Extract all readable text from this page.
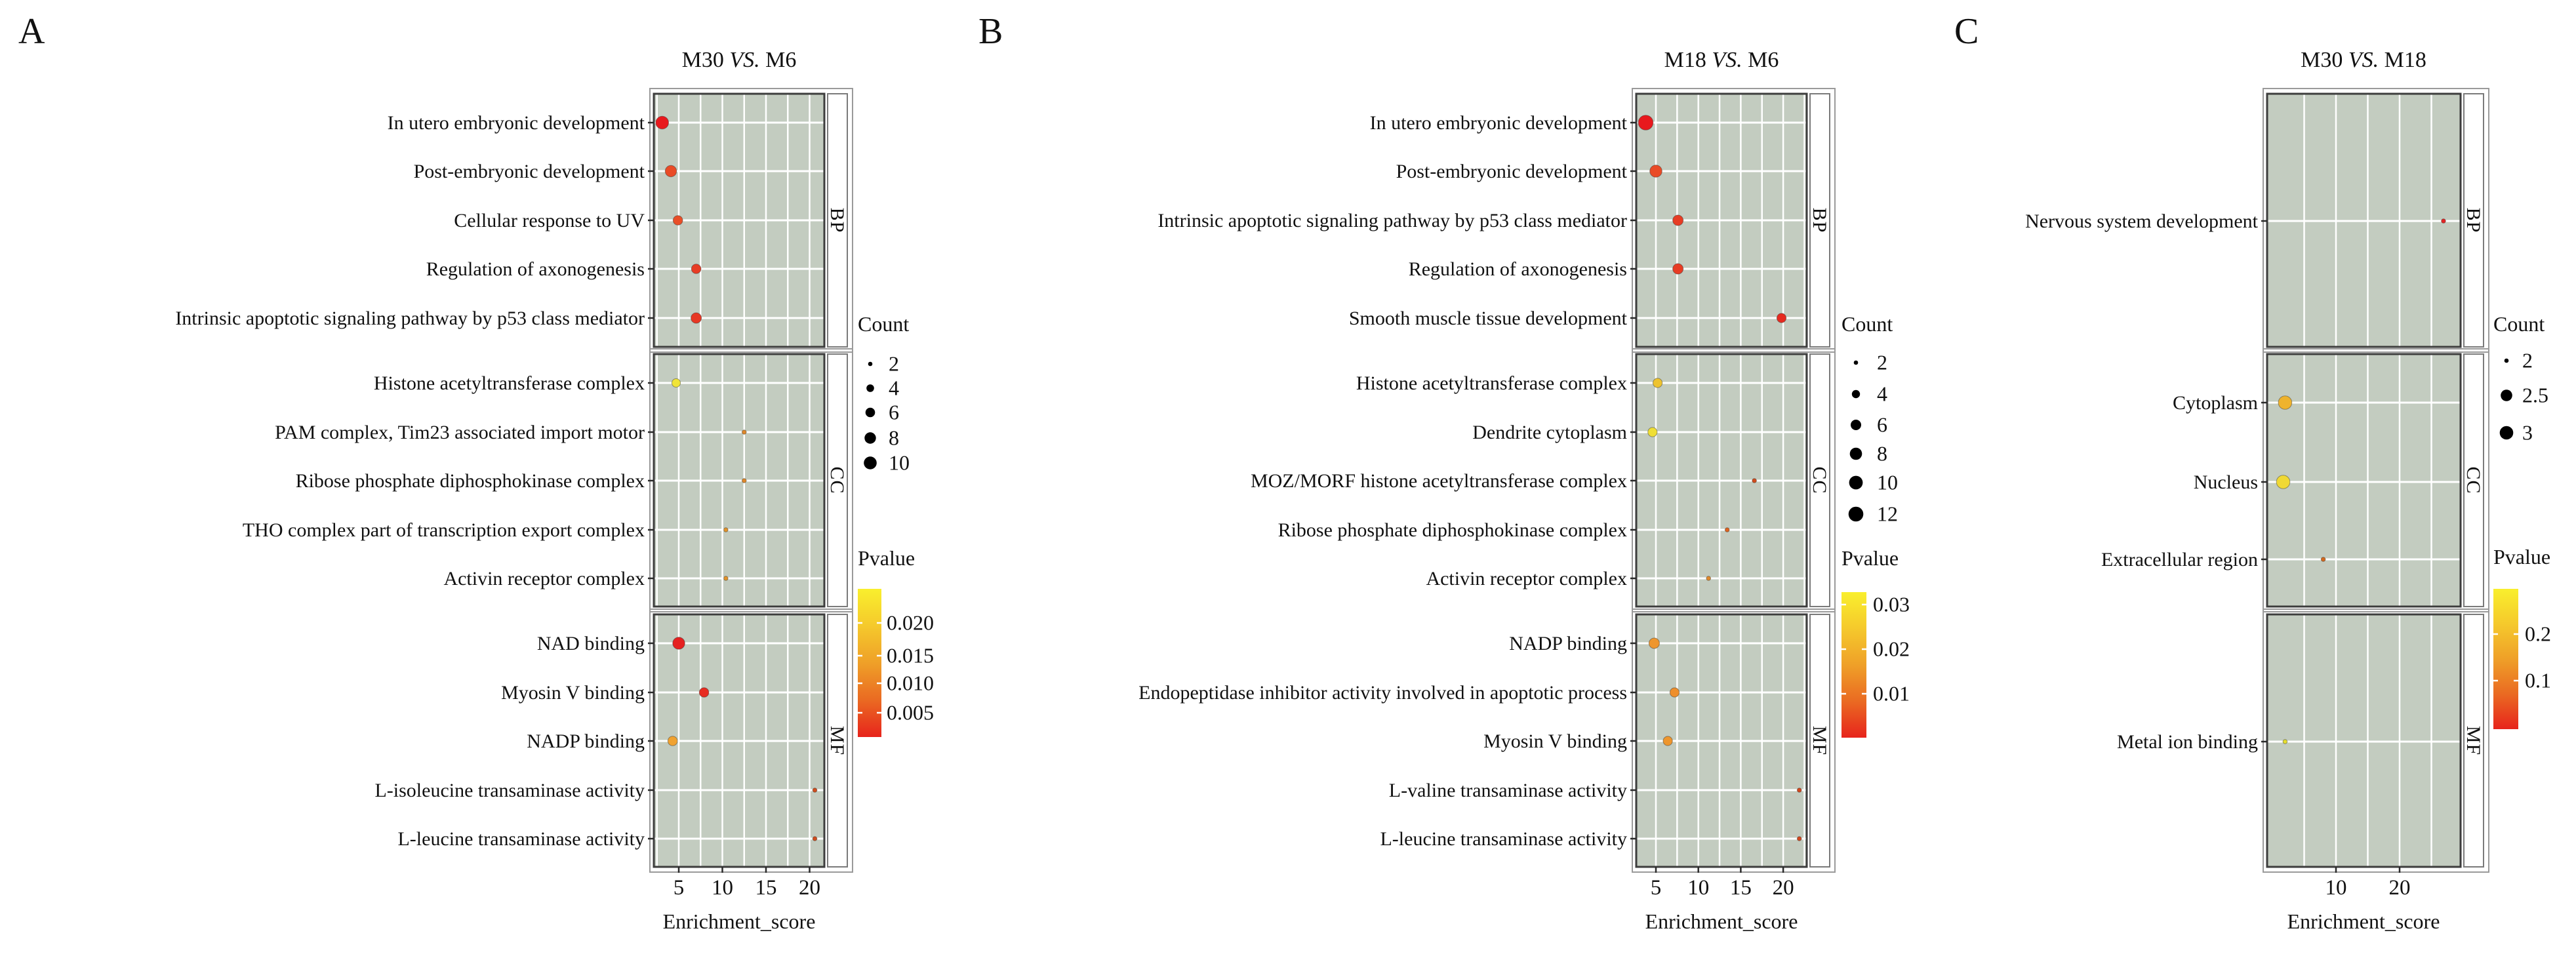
A
M30 VS. M6
In utero embryonic development
Post-embryonic development
Cellular response to UV
Regulation of axonogenesis
Intrinsic apoptotic signaling pathway by p53 class mediator
BP
Histone acetyltransferase complex
PAM complex, Tim23 associated import motor
Ribose phosphate diphosphokinase complex
THO complex part of transcription export complex
Activin receptor complex
CC
NAD binding
Myosin V binding
NADP binding
L-isoleucine transaminase activity
L-leucine transaminase activity
MF
5 10 15 20
Enrichment_score
Count
2
4
6
8
10
Pvalue
0.020
0.015
0.010
0.005
B
M18 VS. M6
In utero embryonic development
Post-embryonic development
Intrinsic apoptotic signaling pathway by p53 class mediator
Regulation of axonogenesis
Smooth muscle tissue development
BP
Histone acetyltransferase complex
Dendrite cytoplasm
MOZ/MORF histone acetyltransferase complex
Ribose phosphate diphosphokinase complex
Activin receptor complex
CC
NADP binding
Endopeptidase inhibitor activity involved in apoptotic process
Myosin V binding
L-valine transaminase activity
L-leucine transaminase activity
MF
5 10 15 20
Enrichment_score
Count
2
4
6
8
10
12
Pvalue
0.03
0.02
0.01
C
M30 VS. M18
Nervous system development	BP
Cytoplasm
Nucleus
Extracellular region
CC
Metal ion binding	MF
10 20
Enrichment_score
Count
2
2.5
3
Pvalue
0.2
0.1
